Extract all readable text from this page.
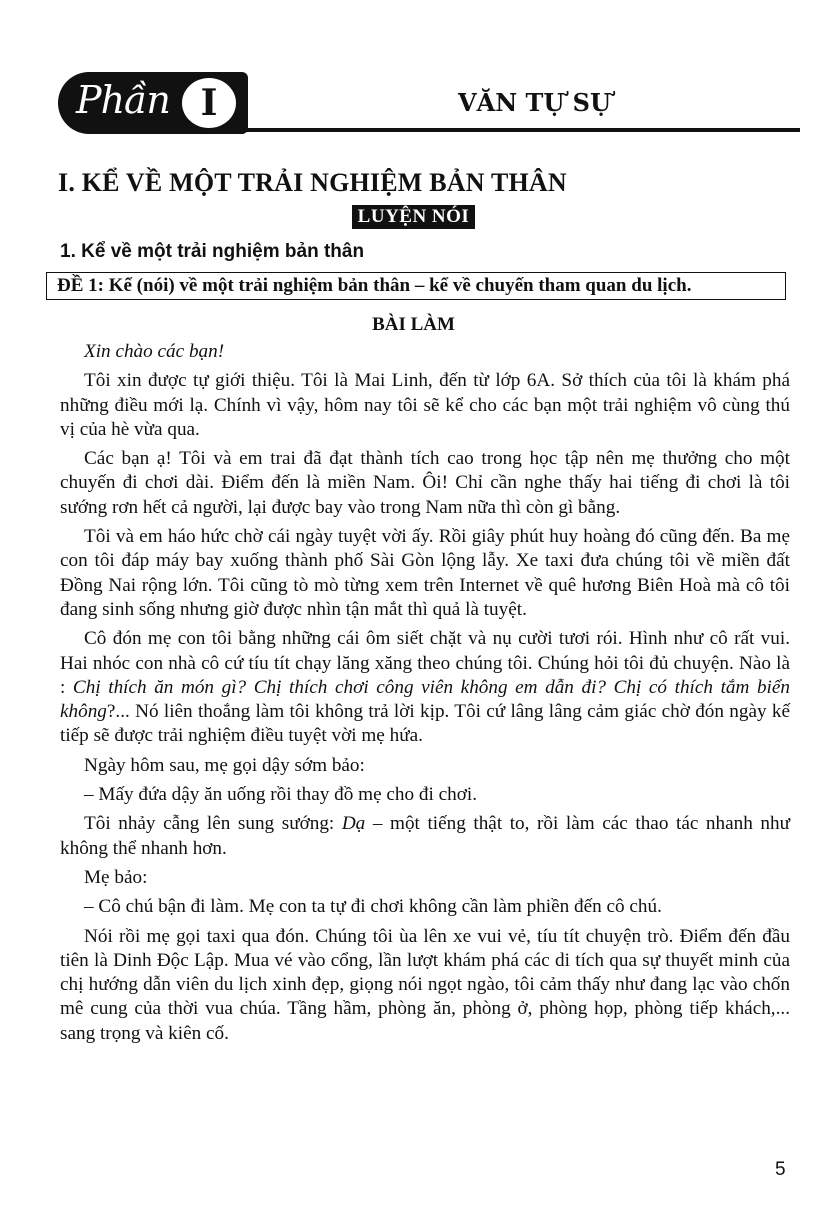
Phần I	VĂN TỰ SỰ
I. KỂ VỀ MỘT TRẢI NGHIỆM BẢN THÂN
LUYỆN NÓI
1. Kể về một trải nghiệm bản thân
ĐỀ 1: Kể (nói) về một trải nghiệm bản thân – kể về chuyến tham quan du lịch.
BÀI LÀM

Xin chào các bạn!

Tôi xin được tự giới thiệu. Tôi là Mai Linh, đến từ lớp 6A. Sở thích của tôi là khám phá những điều mới lạ. Chính vì vậy, hôm nay tôi sẽ kể cho các bạn một trải nghiệm vô cùng thú vị của hè vừa qua.

Các bạn ạ! Tôi và em trai đã đạt thành tích cao trong học tập nên mẹ thưởng cho một chuyến đi chơi dài. Điểm đến là miền Nam. Ôi! Chỉ cần nghe thấy hai tiếng đi chơi là tôi sướng rơn hết cả người, lại được bay vào trong Nam nữa thì còn gì bằng.

Tôi và em háo hức chờ cái ngày tuyệt vời ấy. Rồi giây phút huy hoàng đó cũng đến. Ba mẹ con tôi đáp máy bay xuống thành phố Sài Gòn lộng lẫy. Xe taxi đưa chúng tôi về miền đất Đồng Nai rộng lớn. Tôi cũng tò mò từng xem trên Internet về quê hương Biên Hoà mà cô tôi đang sinh sống nhưng giờ được nhìn tận mắt thì quả là tuyệt.

Cô đón mẹ con tôi bằng những cái ôm siết chặt và nụ cười tươi rói. Hình như cô rất vui. Hai nhóc con nhà cô cứ tíu tít chạy lăng xăng theo chúng tôi. Chúng hỏi tôi đủ chuyện. Nào là : Chị thích ăn món gì? Chị thích chơi công viên không em dẫn đi? Chị có thích tắm biển không?... Nó liên thoắng làm tôi không trả lời kịp. Tôi cứ lâng lâng cảm giác chờ đón ngày kế tiếp sẽ được trải nghiệm điều tuyệt vời mẹ hứa.

Ngày hôm sau, mẹ gọi dậy sớm bảo:

– Mấy đứa dậy ăn uống rồi thay đồ mẹ cho đi chơi.

Tôi nhảy cẫng lên sung sướng: Dạ – một tiếng thật to, rồi làm các thao tác nhanh như không thể nhanh hơn.

Mẹ bảo:

– Cô chú bận đi làm. Mẹ con ta tự đi chơi không cần làm phiền đến cô chú.

Nói rồi mẹ gọi taxi qua đón. Chúng tôi ùa lên xe vui vẻ, tíu tít chuyện trò. Điểm đến đầu tiên là Dinh Độc Lập. Mua vé vào cổng, lần lượt khám phá các di tích qua sự thuyết minh của chị hướng dẫn viên du lịch xinh đẹp, giọng nói ngọt ngào, tôi cảm thấy như đang lạc vào chốn mê cung của thời vua chúa. Tầng hầm, phòng ăn, phòng ở, phòng họp, phòng tiếp khách,... sang trọng và kiên cố.

5
